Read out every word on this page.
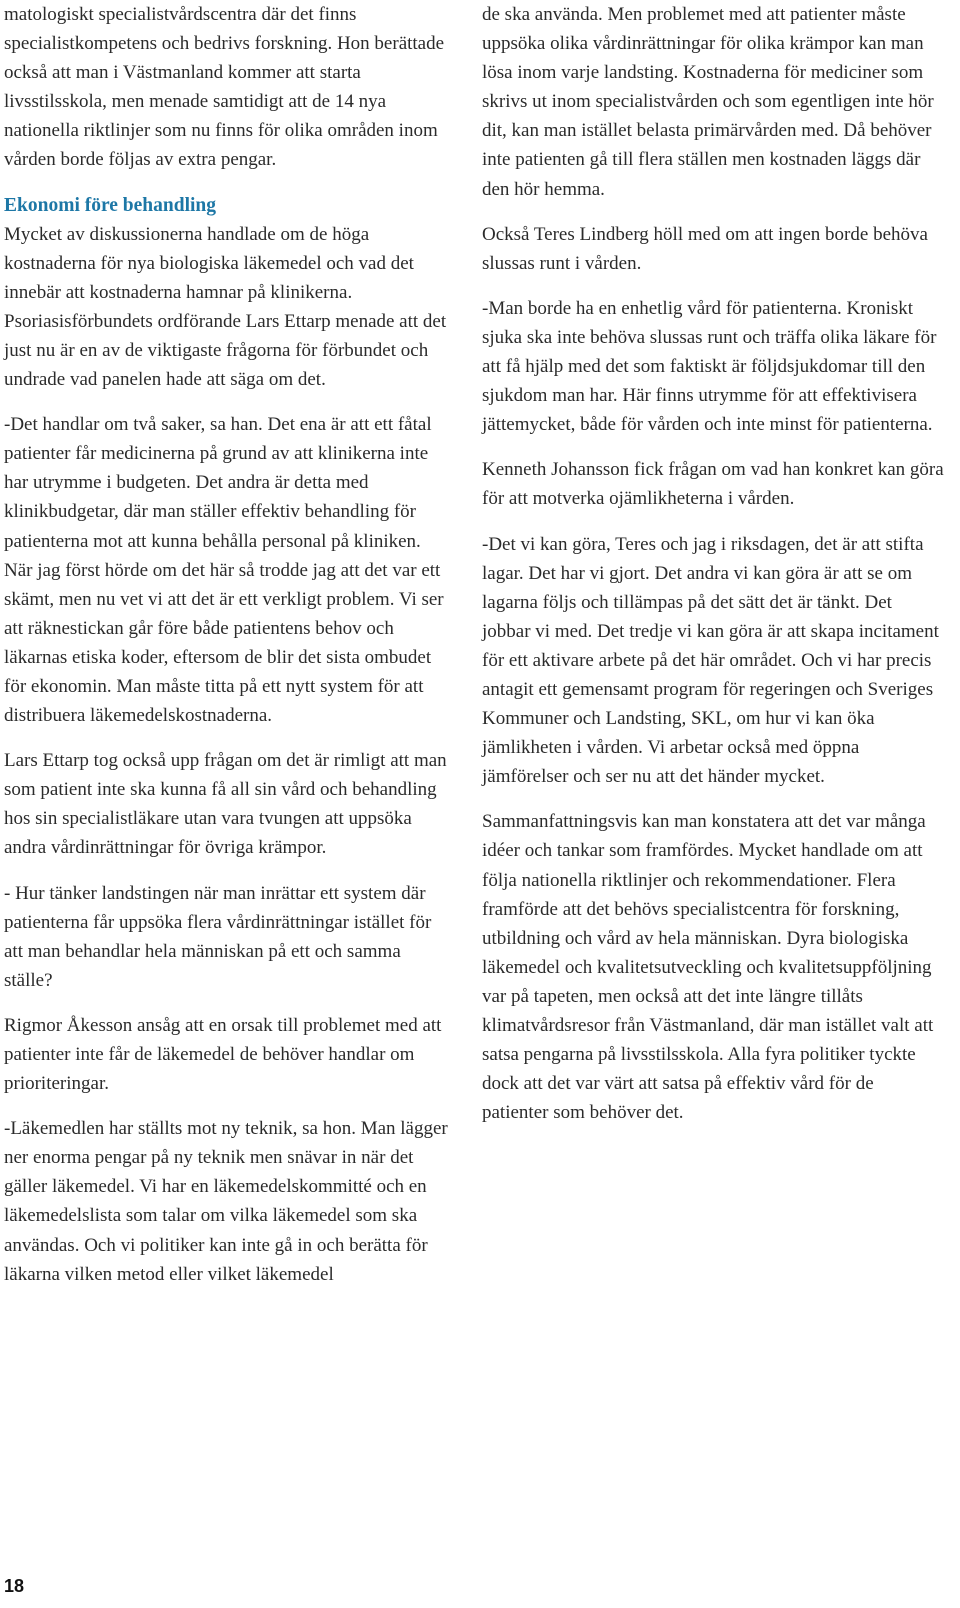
matologiskt specialistvårdscentra där det finns specialistkompetens och bedrivs forskning. Hon berättade också att man i Västmanland kommer att starta livsstilsskola, men menade samtidigt att de 14 nya nationella riktlinjer som nu finns för olika områden inom vården borde följas av extra pengar.

Ekonomi före behandling

Mycket av diskussionerna handlade om de höga kostnaderna för nya biologiska läkemedel och vad det innebär att kostnaderna hamnar på klinikerna. Psoriasisförbundets ordförande Lars Ettarp menade att det just nu är en av de viktigaste frågorna för förbundet och undrade vad panelen hade att säga om det.

-Det handlar om två saker, sa han. Det ena är att ett fåtal patienter får medicinerna på grund av att klinikerna inte har utrymme i budgeten. Det andra är detta med klinikbudgetar, där man ställer effektiv behandling för patienterna mot att kunna behålla personal på kliniken. När jag först hörde om det här så trodde jag att det var ett skämt, men nu vet vi att det är ett verkligt problem. Vi ser att räknestickan går före både patientens behov och läkarnas etiska koder, eftersom de blir det sista ombudet för ekonomin. Man måste titta på ett nytt system för att distribuera läkemedelskostnaderna.

Lars Ettarp tog också upp frågan om det är rimligt att man som patient inte ska kunna få all sin vård och behandling hos sin specialistläkare utan vara tvungen att uppsöka andra vårdinrättningar för övriga krämpor.

- Hur tänker landstingen när man inrättar ett system där patienterna får uppsöka flera vårdinrättningar istället för att man behandlar hela människan på ett och samma ställe?

Rigmor Åkesson ansåg att en orsak till problemet med att patienter inte får de läkemedel de behöver handlar om prioriteringar.

-Läkemedlen har ställts mot ny teknik, sa hon. Man lägger ner enorma pengar på ny teknik men snävar in när det gäller läkemedel. Vi har en läkemedelskommitté och en läkemedelslista som talar om vilka läkemedel som ska användas. Och vi politiker kan inte gå in och berätta för läkarna vilken metod eller vilket läkemedel

de ska använda. Men problemet med att patienter måste uppsöka olika vårdinrättningar för olika krämpor kan man lösa inom varje landsting. Kostnaderna för mediciner som skrivs ut inom specialistvården och som egentligen inte hör dit, kan man istället belasta primärvården med. Då behöver inte patienten gå till flera ställen men kostnaden läggs där den hör hemma.

Också Teres Lindberg höll med om att ingen borde behöva slussas runt i vården.

-Man borde ha en enhetlig vård för patienterna. Kroniskt sjuka ska inte behöva slussas runt och träffa olika läkare för att få hjälp med det som faktiskt är följdsjukdomar till den sjukdom man har. Här finns utrymme för att effektivisera jättemycket, både för vården och inte minst för patienterna.

Kenneth Johansson fick frågan om vad han konkret kan göra för att motverka ojämlikheterna i vården.

-Det vi kan göra, Teres och jag i riksdagen, det är att stifta lagar. Det har vi gjort. Det andra vi kan göra är att se om lagarna följs och tillämpas på det sätt det är tänkt. Det jobbar vi med. Det tredje vi kan göra är att skapa incitament för ett aktivare arbete på det här området. Och vi har precis antagit ett gemensamt program för regeringen och Sveriges Kommuner och Landsting, SKL, om hur vi kan öka jämlikheten i vården. Vi arbetar också med öppna jämförelser och ser nu att det händer mycket.

Sammanfattningsvis kan man konstatera att det var många idéer och tankar som framfördes. Mycket handlade om att följa nationella riktlinjer och rekommendationer. Flera framförde att det behövs specialistcentra för forskning, utbildning och vård av hela människan. Dyra biologiska läkemedel och kvalitetsutveckling och kvalitetsuppföljning var på tapeten, men också att det inte längre tillåts klimatvårdsresor från Västmanland, där man istället valt att satsa pengarna på livsstilsskola. Alla fyra politiker tyckte dock att det var värt att satsa på effektiv vård för de patienter som behöver det.

18
